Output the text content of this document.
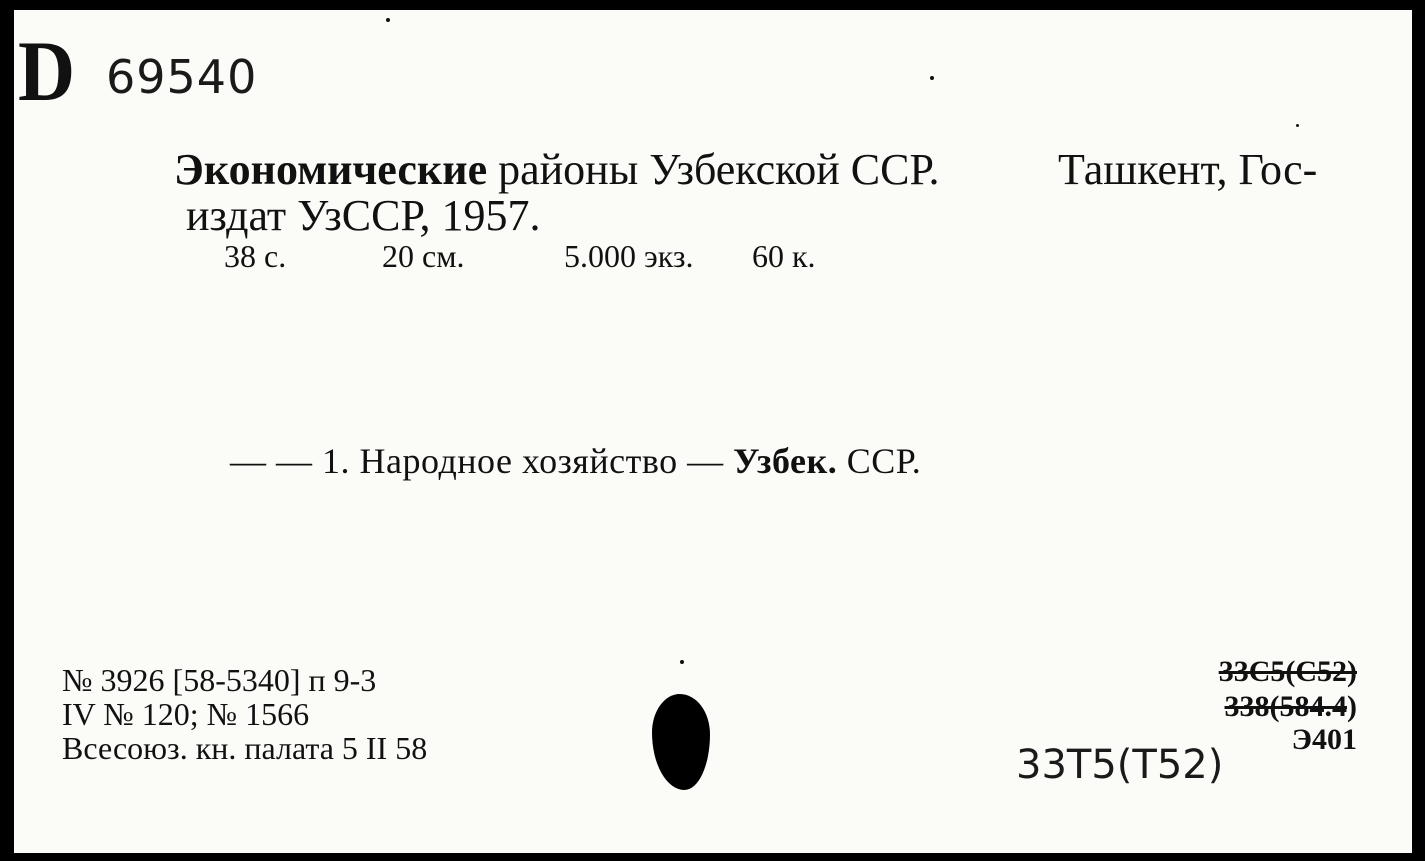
D 69540
Экономические районы Узбекской ССР.	Ташкент, Гос-
издат УзССР, 1957.
38 с.	20 см.	5.000 экз. 60 к.
— — 1. Народное хозяйство — Узбек. ССР.
№ 3926 [58-5340] п 9-3
IV № 120; № 1566
Всесоюз. кн. палата 5 II 58
33С5(С52)
338(584.4)
Э401
33Т5(Т52)
